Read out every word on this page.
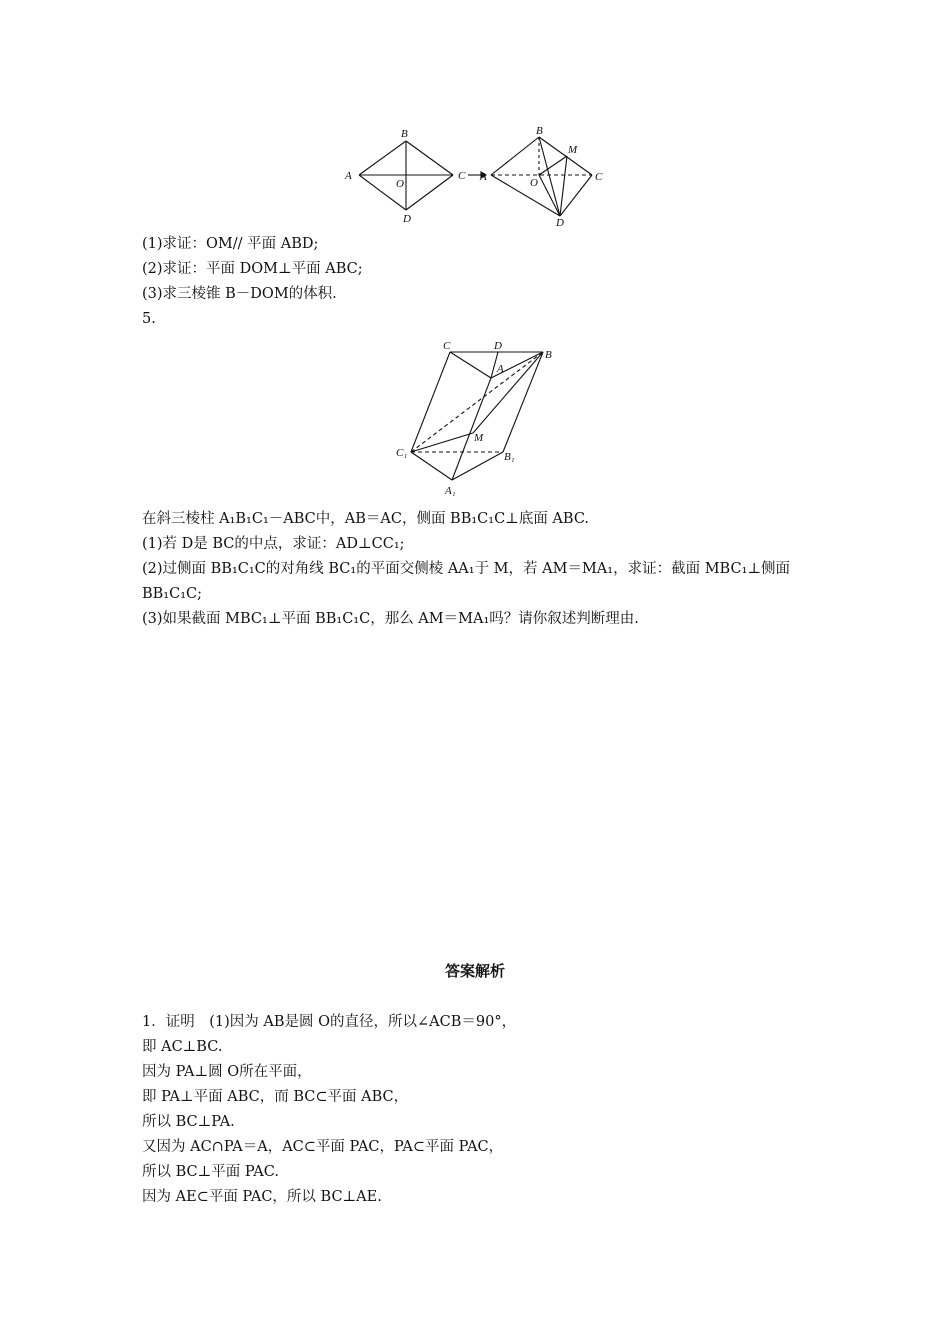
A
B
C
D
O
A
B
C
D
O
M
(1)求证：OM// 平面 ABD;
(2)求证：平面 DOM⊥平面 ABC;
(3)求三棱锥 B－DOM的体积.
5.
C	D
B
A
M
C₁	B₁
A₁
在斜三棱柱 A₁B₁C₁－ABC中，AB＝AC，侧面 BB₁C₁C⊥底面 ABC.
(1)若 D是 BC的中点，求证：AD⊥CC₁;
(2)过侧面 BB₁C₁C的对角线 BC₁的平面交侧棱 AA₁于 M，若 AM＝MA₁，求证：截面 MBC₁⊥侧面
BB₁C₁C;
(3)如果截面 MBC₁⊥平面 BB₁C₁C，那么 AM＝MA₁吗？请你叙述判断理由.
答案解析
1．证明　(1)因为 AB是圆 O的直径，所以∠ACB＝90°，
即 AC⊥BC.
因为 PA⊥圆 O所在平面，
即 PA⊥平面 ABC，而 BC⊂平面 ABC，
所以 BC⊥PA.
又因为 AC∩PA＝A，AC⊂平面 PAC，PA⊂平面 PAC，
所以 BC⊥平面 PAC.
因为 AE⊂平面 PAC，所以 BC⊥AE.
